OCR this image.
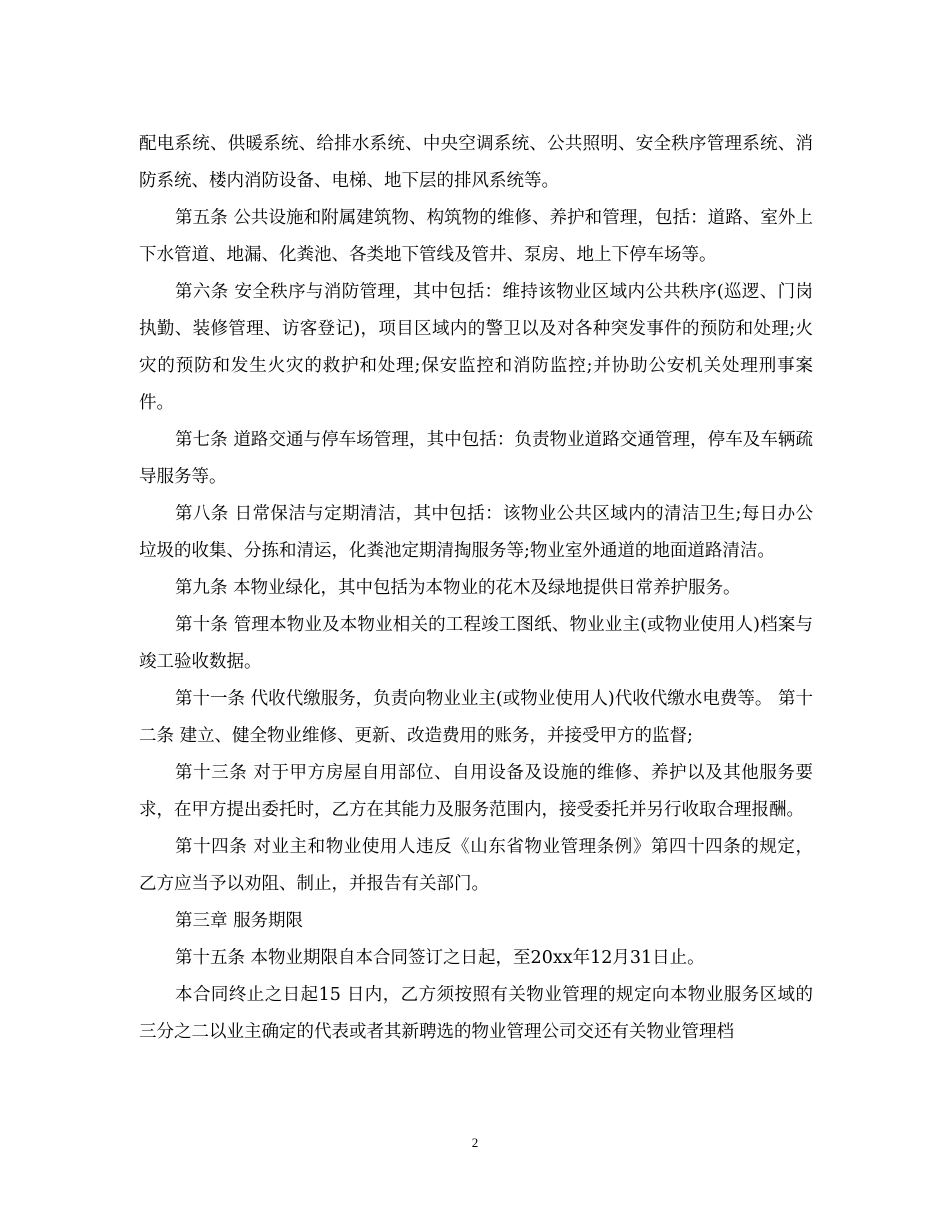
配电系统、供暖系统、给排水系统、中央空调系统、公共照明、安全秩序管理系统、消防系统、楼内消防设备、电梯、地下层的排风系统等。

第五条 公共设施和附属建筑物、构筑物的维修、养护和管理，包括：道路、室外上下水管道、地漏、化粪池、各类地下管线及管井、泵房、地上下停车场等。

第六条 安全秩序与消防管理，其中包括：维持该物业区域内公共秩序(巡逻、门岗执勤、装修管理、访客登记)，项目区域内的警卫以及对各种突发事件的预防和处理;火灾的预防和发生火灾的救护和处理;保安监控和消防监控;并协助公安机关处理刑事案件。

第七条 道路交通与停车场管理，其中包括：负责物业道路交通管理，停车及车辆疏导服务等。

第八条 日常保洁与定期清洁，其中包括：该物业公共区域内的清洁卫生;每日办公垃圾的收集、分拣和清运，化粪池定期清掏服务等;物业室外通道的地面道路清洁。

第九条 本物业绿化，其中包括为本物业的花木及绿地提供日常养护服务。

第十条 管理本物业及本物业相关的工程竣工图纸、物业业主(或物业使用人)档案与竣工验收数据。

第十一条 代收代缴服务，负责向物业业主(或物业使用人)代收代缴水电费等。 第十二条 建立、健全物业维修、更新、改造费用的账务，并接受甲方的监督;

第十三条 对于甲方房屋自用部位、自用设备及设施的维修、养护以及其他服务要求，在甲方提出委托时，乙方在其能力及服务范围内，接受委托并另行收取合理报酬。

第十四条 对业主和物业使用人违反《山东省物业管理条例》第四十四条的规定， 乙方应当予以劝阻、制止，并报告有关部门。

第三章 服务期限

第十五条 本物业期限自本合同签订之日起，至20xx年12月31日止。

本合同终止之日起15 日内，乙方须按照有关物业管理的规定向本物业服务区域的三分之二以业主确定的代表或者其新聘选的物业管理公司交还有关物业管理档

2
